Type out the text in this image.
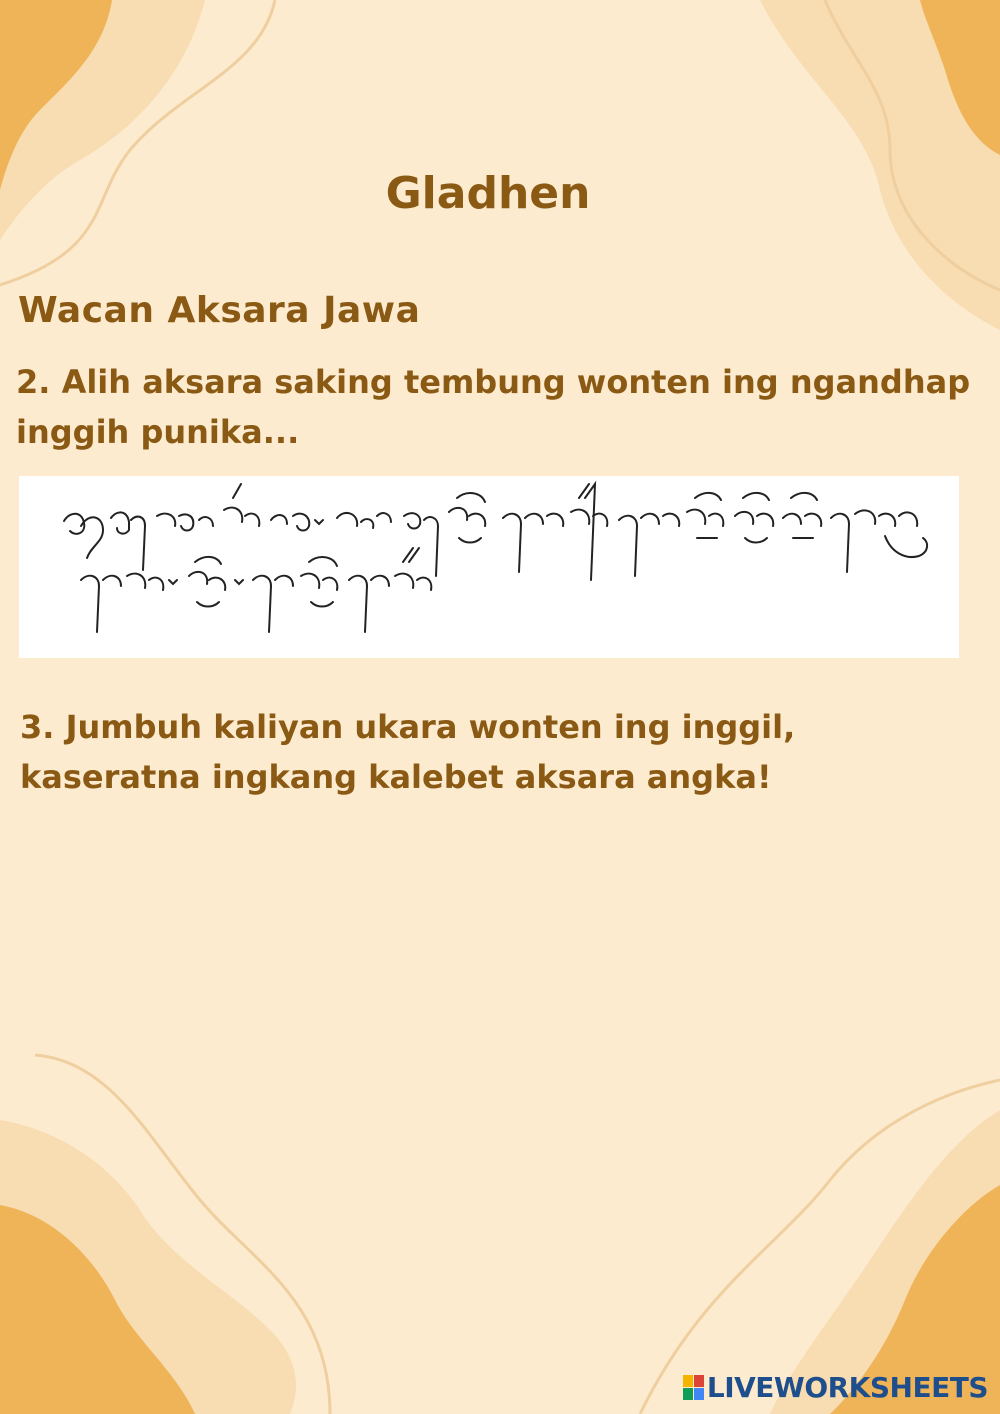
Gladhen
Wacan Aksara Jawa
2. Alih aksara saking tembung wonten ing ngandhap inggih punika...
3. Jumbuh kaliyan ukara wonten ing inggil, kaseratna ingkang kalebet aksara angka!
LIVEWORKSHEETS
